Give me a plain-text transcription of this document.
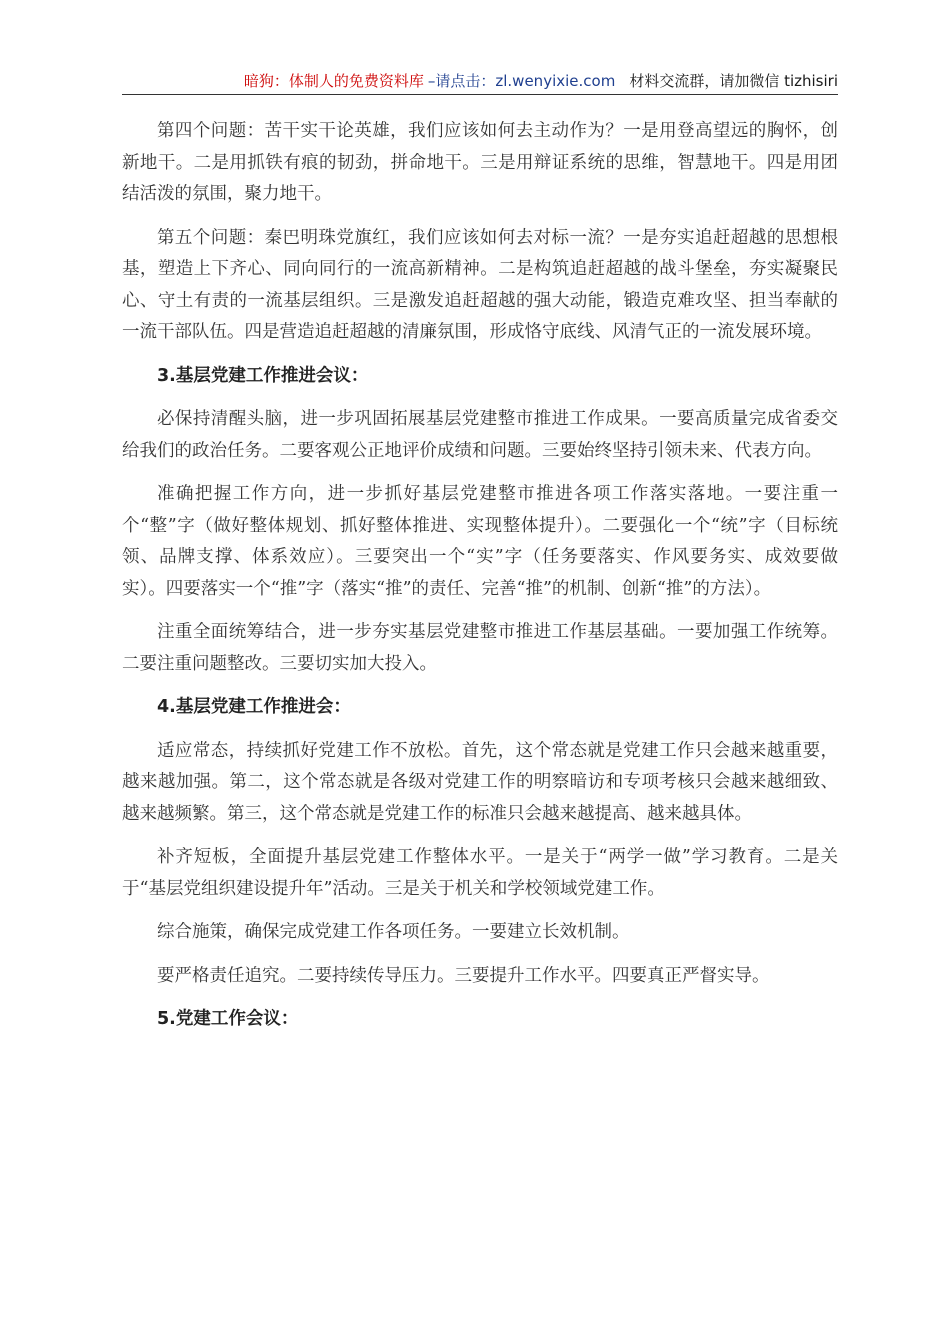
暗狗：体制人的免费资料库 –请点击：zl.wenyixie.com 材料交流群，请加微信 tizhisiri

第四个问题：苦干实干论英雄，我们应该如何去主动作为？一是用登高望远的胸怀，创新地干。二是用抓铁有痕的韧劲，拼命地干。三是用辩证系统的思维，智慧地干。四是用团结活泼的氛围，聚力地干。

第五个问题：秦巴明珠党旗红，我们应该如何去对标一流？一是夯实追赶超越的思想根基，塑造上下齐心、同向同行的一流高新精神。二是构筑追赶超越的战斗堡垒，夯实凝聚民心、守土有责的一流基层组织。三是激发追赶超越的强大动能，锻造克难攻坚、担当奉献的一流干部队伍。四是营造追赶超越的清廉氛围，形成恪守底线、风清气正的一流发展环境。

3.基层党建工作推进会议：

必保持清醒头脑，进一步巩固拓展基层党建整市推进工作成果。一要高质量完成省委交给我们的政治任务。二要客观公正地评价成绩和问题。三要始终坚持引领未来、代表方向。

准确把握工作方向，进一步抓好基层党建整市推进各项工作落实落地。一要注重一个“整”字（做好整体规划、抓好整体推进、实现整体提升）。二要强化一个“统”字（目标统领、品牌支撑、体系效应）。三要突出一个“实”字（任务要落实、作风要务实、成效要做实）。四要落实一个“推”字（落实“推”的责任、完善“推”的机制、创新“推”的方法）。

注重全面统筹结合，进一步夯实基层党建整市推进工作基层基础。一要加强工作统筹。二要注重问题整改。三要切实加大投入。

4.基层党建工作推进会：

适应常态，持续抓好党建工作不放松。首先，这个常态就是党建工作只会越来越重要，越来越加强。第二，这个常态就是各级对党建工作的明察暗访和专项考核只会越来越细致、越来越频繁。第三，这个常态就是党建工作的标准只会越来越提高、越来越具体。

补齐短板，全面提升基层党建工作整体水平。一是关于“两学一做”学习教育。二是关于“基层党组织建设提升年”活动。三是关于机关和学校领域党建工作。

综合施策，确保完成党建工作各项任务。一要建立长效机制。

要严格责任追究。二要持续传导压力。三要提升工作水平。四要真正严督实导。

5.党建工作会议：
